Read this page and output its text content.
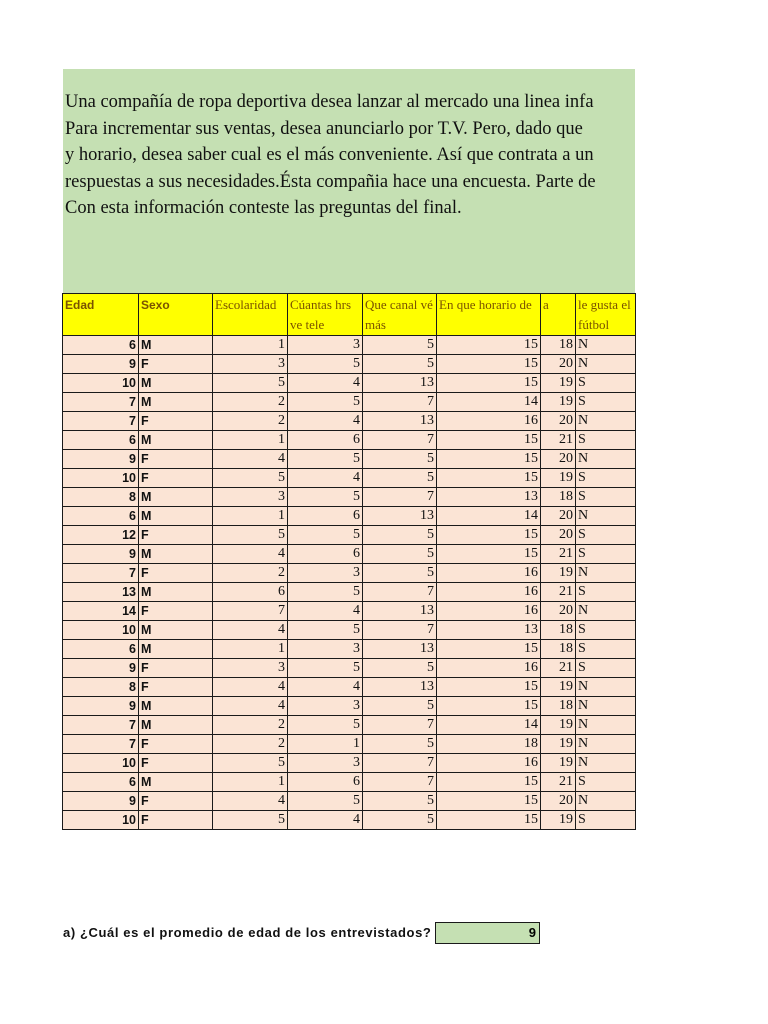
Una compañía de ropa deportiva desea lanzar al mercado una linea infa
Para incrementar sus ventas, desea anunciarlo por T.V. Pero, dado que
y horario, desea saber cual es el más conveniente. Así que contrata a un
respuestas a sus necesidades.Ésta compañia hace una encuesta. Parte de
Con esta información conteste las preguntas del final.
Edad	Sexo	Escolaridad	Cúantas hrs ve tele	Que canal vé más	En que horario de	a	le gusta el fútbol
6	M	1	3	5	15	18	N
9	F	3	5	5	15	20	N
10	M	5	4	13	15	19	S
7	M	2	5	7	14	19	S
7	F	2	4	13	16	20	N
6	M	1	6	7	15	21	S
9	F	4	5	5	15	20	N
10	F	5	4	5	15	19	S
8	M	3	5	7	13	18	S
6	M	1	6	13	14	20	N
12	F	5	5	5	15	20	S
9	M	4	6	5	15	21	S
7	F	2	3	5	16	19	N
13	M	6	5	7	16	21	S
14	F	7	4	13	16	20	N
10	M	4	5	7	13	18	S
6	M	1	3	13	15	18	S
9	F	3	5	5	16	21	S
8	F	4	4	13	15	19	N
9	M	4	3	5	15	18	N
7	M	2	5	7	14	19	N
7	F	2	1	5	18	19	N
10	F	5	3	7	16	19	N
6	M	1	6	7	15	21	S
9	F	4	5	5	15	20	N
10	F	5	4	5	15	19	S
a) ¿Cuál es el promedio de edad de los entrevistados?	9
